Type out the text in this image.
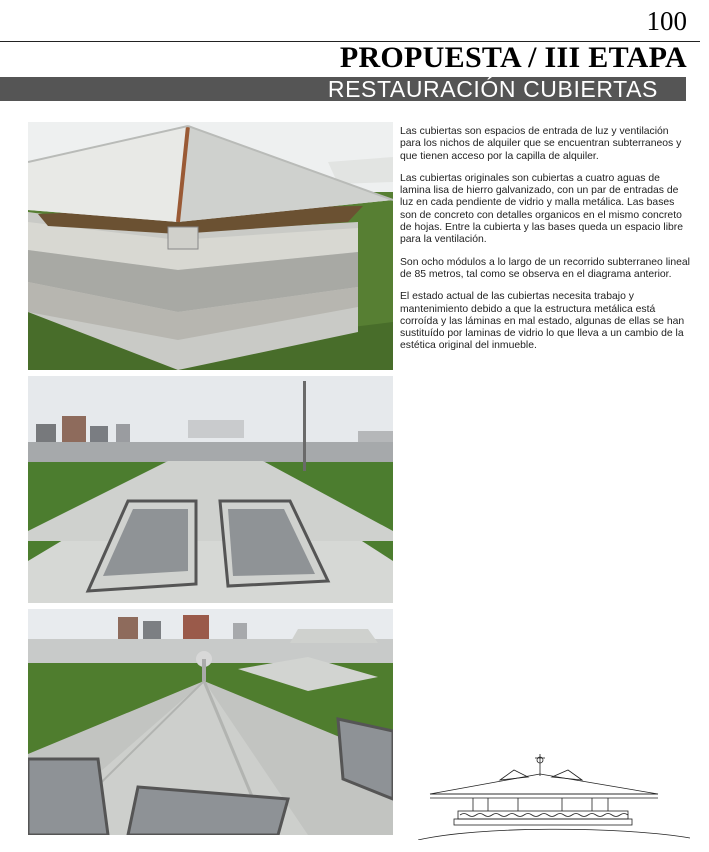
100
PROPUESTA / III ETAPA
RESTAURACIÓN CUBIERTAS

Las cubiertas son espacios de entrada de luz y ventilación para los nichos de alquiler que se encuentran subterraneos y que tienen acceso por la capilla de alquiler.

Las cubiertas originales son cubiertas a cuatro aguas de lamina lisa de hierro galvanizado, con un par de entradas de luz en cada pendiente de vidrio y malla metálica. Las bases son de concreto con detalles organicos en el mismo concreto de hojas. Entre la cubierta y las bases queda un espacio libre para la ventilación.

Son ocho módulos a lo largo de un recorrido subterraneo lineal de 85 metros, tal como se observa en el diagrama anterior.

El estado actual de las cubiertas necesita trabajo y mantenimiento debido a que la estructura metálica está corroída y las láminas en mal estado, algunas de ellas se han sustituído por laminas de vidrio lo que lleva a un cambio de la estética original del inmueble.
